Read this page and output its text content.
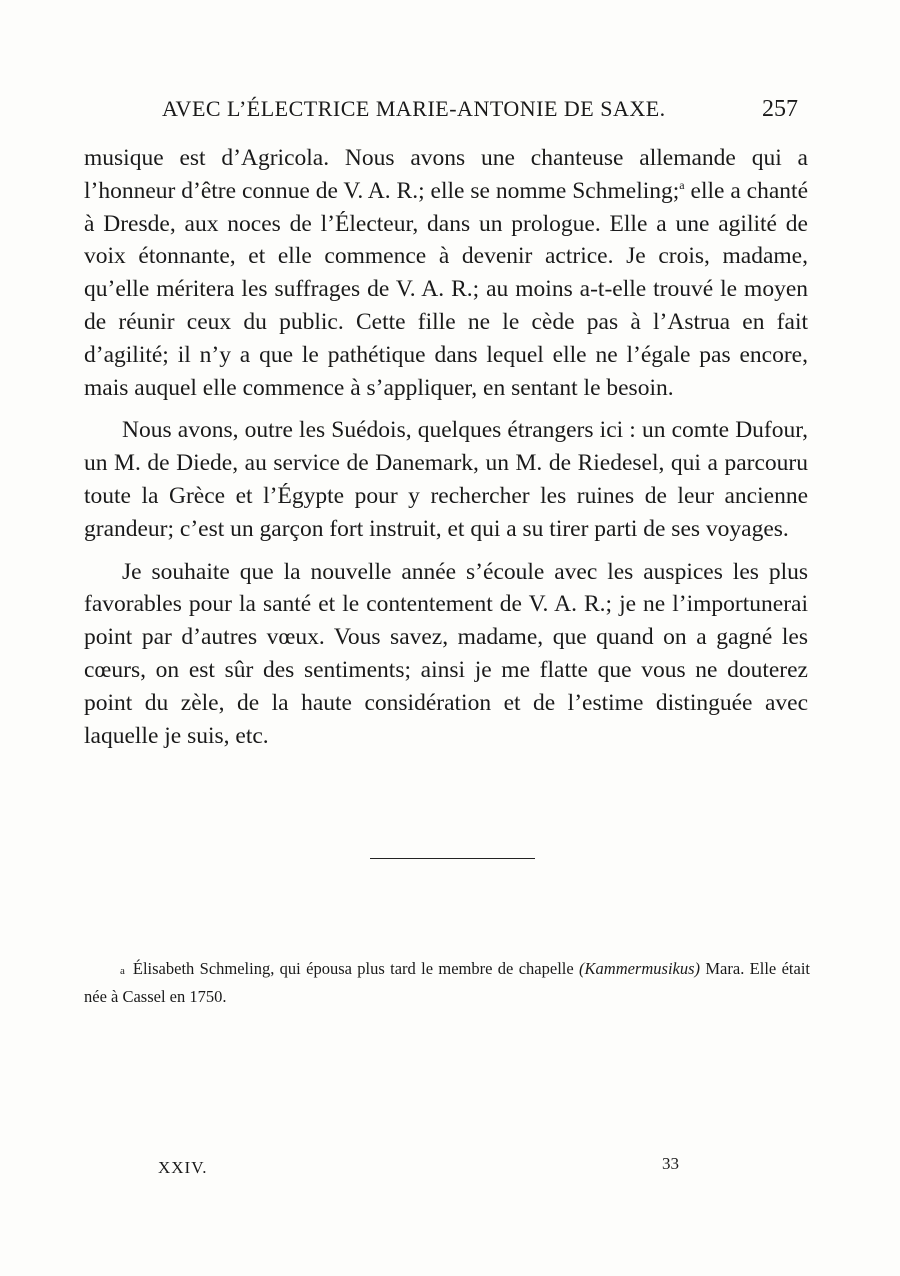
AVEC L’ÉLECTRICE MARIE-ANTONIE DE SAXE.	257

musique est d’Agricola. Nous avons une chanteuse allemande qui a l’honneur d’être connue de V. A. R.; elle se nomme Schmeling;$^a$ elle a chanté à Dresde, aux noces de l’Électeur, dans un prologue. Elle a une agilité de voix étonnante, et elle commence à devenir actrice. Je crois, madame, qu’elle méritera les suffrages de V. A. R.; au moins a-t-elle trouvé le moyen de réunir ceux du public. Cette fille ne le cède pas à l’Astrua en fait d’agilité; il n’y a que le pathétique dans lequel elle ne l’égale pas encore, mais auquel elle commence à s’appliquer, en sentant le besoin.

Nous avons, outre les Suédois, quelques étrangers ici : un comte Dufour, un M. de Diede, au service de Danemark, un M. de Riedesel, qui a parcouru toute la Grèce et l’Égypte pour y rechercher les ruines de leur ancienne grandeur; c’est un garçon fort instruit, et qui a su tirer parti de ses voyages.

Je souhaite que la nouvelle année s’écoule avec les auspices les plus favorables pour la santé et le contentement de V. A. R.; je ne l’importunerai point par d’autres vœux. Vous savez, madame, que quand on a gagné les cœurs, on est sûr des sentiments; ainsi je me flatte que vous ne douterez point du zèle, de la haute considération et de l’estime distinguée avec laquelle je suis, etc.

a Élisabeth Schmeling, qui épousa plus tard le membre de chapelle (Kammermusikus) Mara. Elle était née à Cassel en 1750.
XXIV.	33
